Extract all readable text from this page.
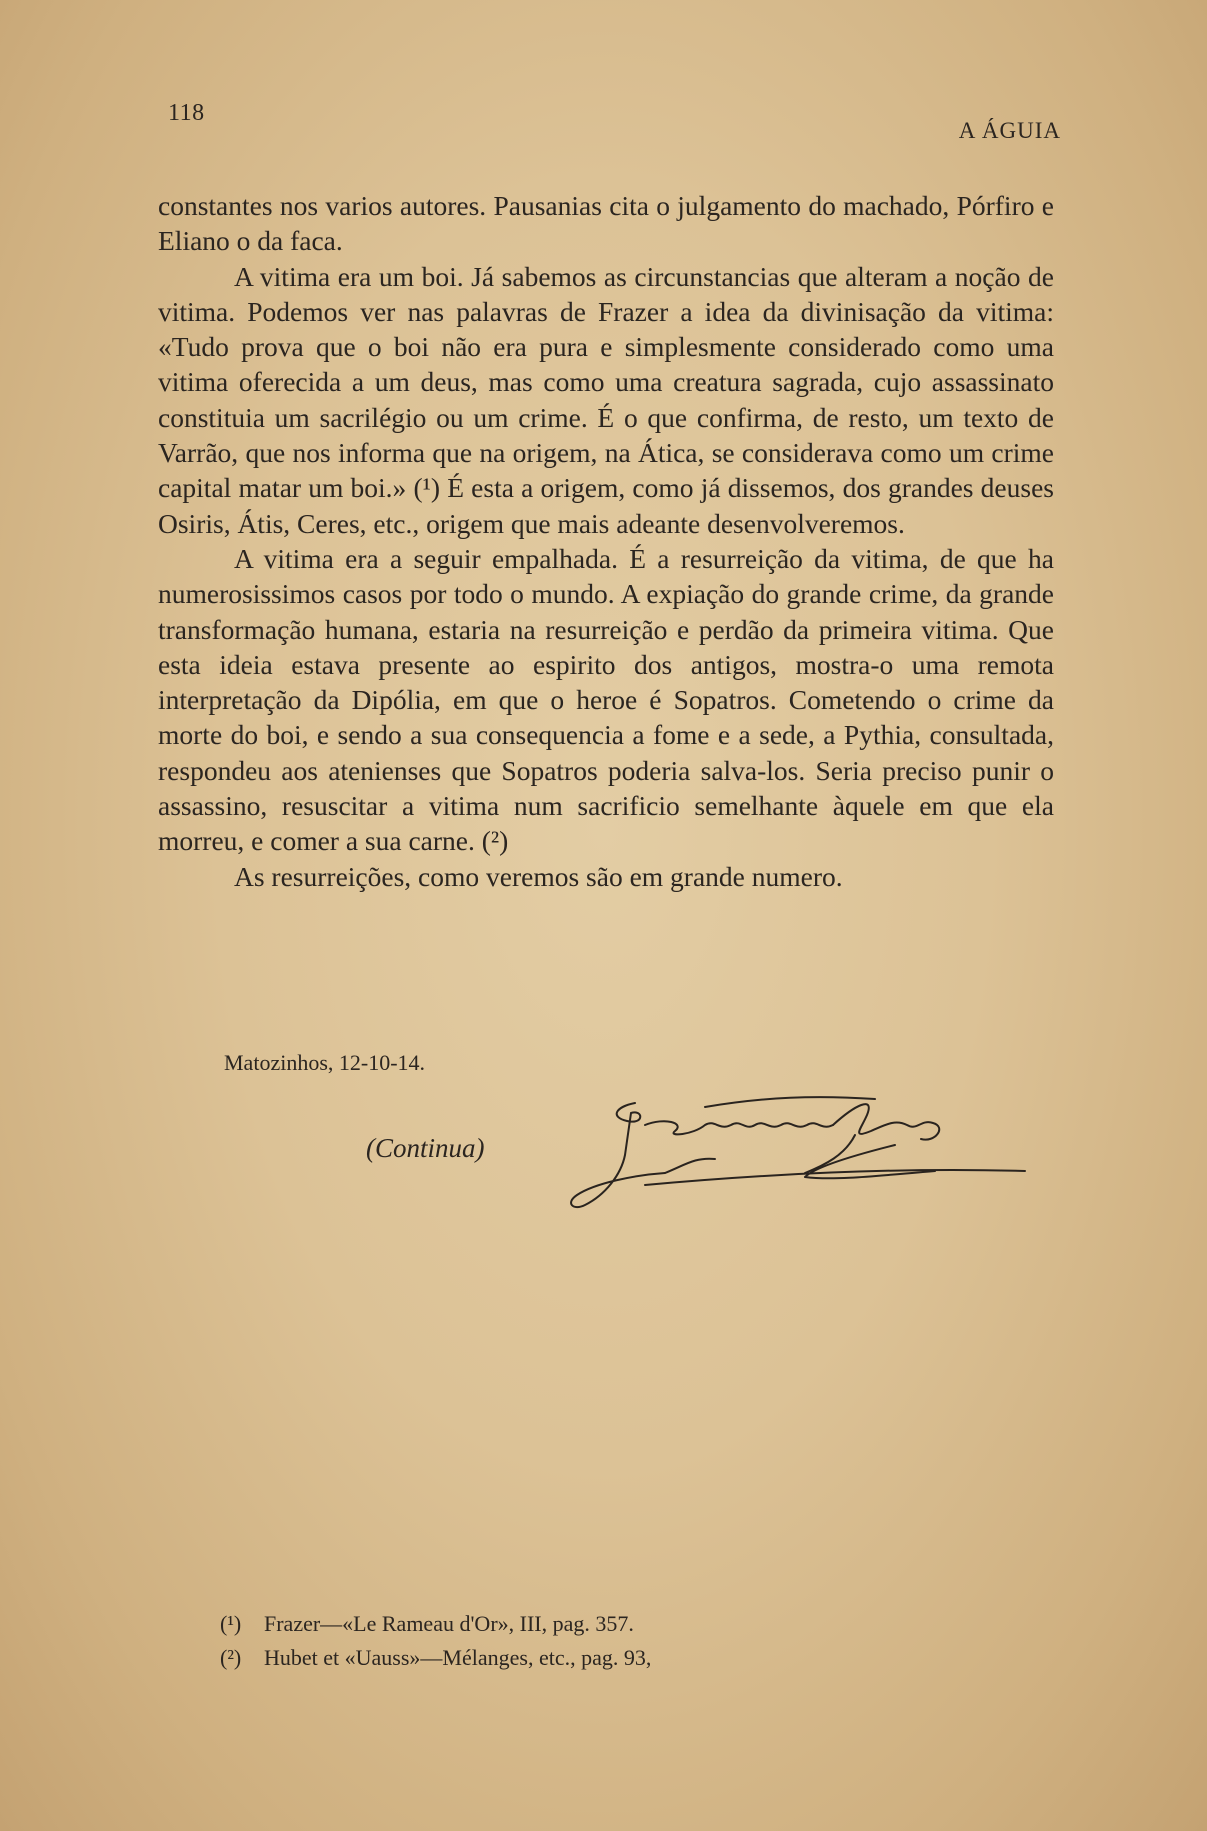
118
A ÁGUIA

constantes nos varios autores. Pausanias cita o julgamento do machado, Pórfiro e Eliano o da faca.

A vitima era um boi. Já sabemos as circunstancias que alteram a noção de vitima. Podemos ver nas palavras de Frazer a idea da divinisação da vitima: «Tudo prova que o boi não era pura e simplesmente considerado como uma vitima oferecida a um deus, mas como uma creatura sagrada, cujo assassinato constituia um sacrilégio ou um crime. É o que confirma, de resto, um texto de Varrão, que nos informa que na origem, na Ática, se considerava como um crime capital matar um boi.» (¹) É esta a origem, como já dissemos, dos grandes deuses Osiris, Átis, Ceres, etc., origem que mais adeante desenvolveremos.

A vitima era a seguir empalhada. É a resurreição da vitima, de que ha numerosissimos casos por todo o mundo. A expiação do grande crime, da grande transformação humana, estaria na resurreição e perdão da primeira vitima. Que esta ideia estava presente ao espirito dos antigos, mostra-o uma remota interpretação da Dipólia, em que o heroe é Sopatros. Cometendo o crime da morte do boi, e sendo a sua consequencia a fome e a sede, a Pythia, consultada, respondeu aos atenienses que Sopatros poderia salva-los. Seria preciso punir o assassino, resuscitar a vitima num sacrificio semelhante àquele em que ela morreu, e comer a sua carne. (²)

As resurreições, como veremos são em grande numero.

Matozinhos, 12-10-14.
(Continua)
(¹) Frazer—«Le Rameau d'Or», III, pag. 357.
(²) Hubet et «Uauss»—Mélanges, etc., pag. 93,
